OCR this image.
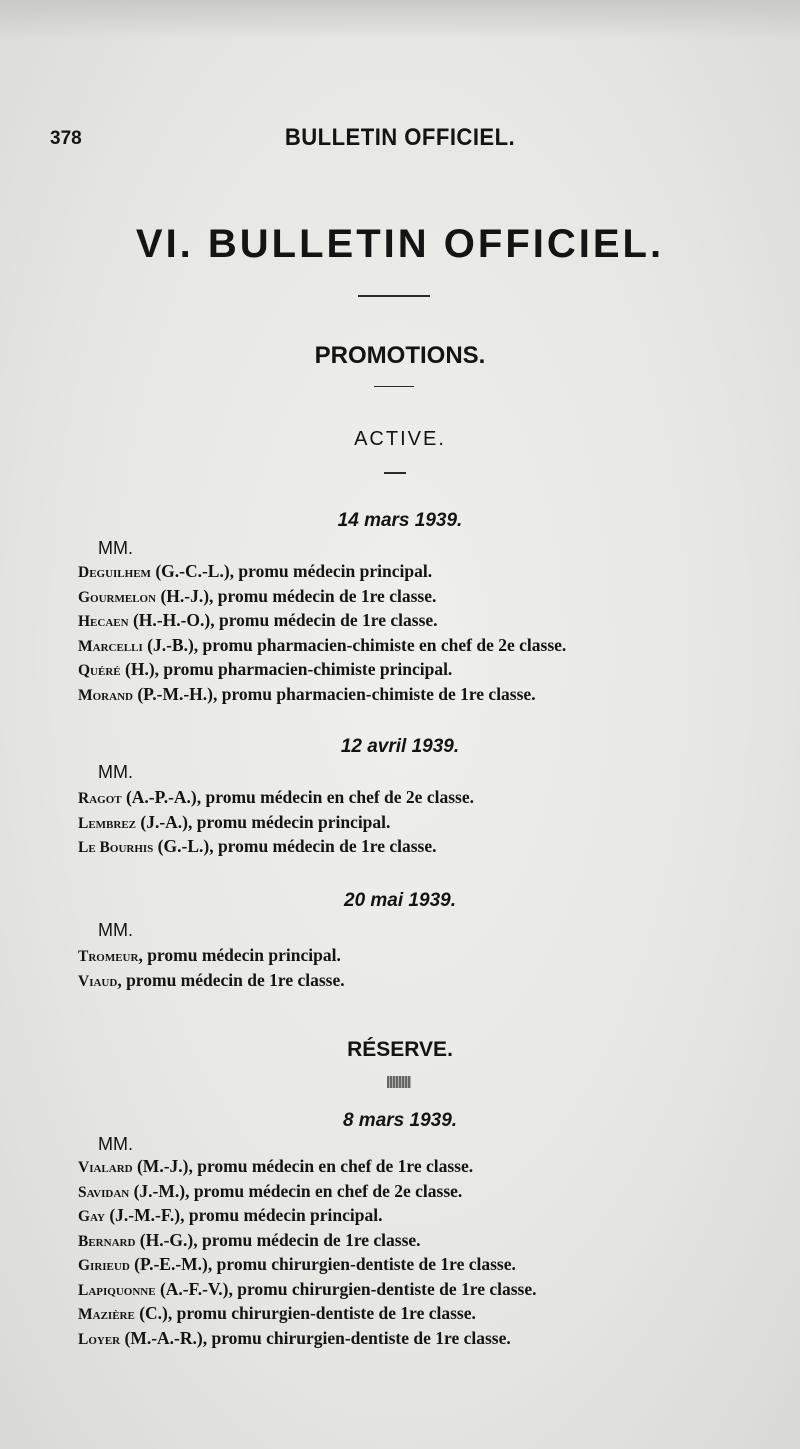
378	BULLETIN OFFICIEL.
VI. BULLETIN OFFICIEL.
PROMOTIONS.
ACTIVE.
14 mars 1939.
MM.
Deguilhem (G.-C.-L.), promu médecin principal.
Gourmelon (H.-J.), promu médecin de 1re classe.
Hecaen (H.-H.-O.), promu médecin de 1re classe.
Marcelli (J.-B.), promu pharmacien-chimiste en chef de 2e classe.
Quéré (H.), promu pharmacien-chimiste principal.
Morand (P.-M.-H.), promu pharmacien-chimiste de 1re classe.
12 avril 1939.
MM.
Ragot (A.-P.-A.), promu médecin en chef de 2e classe.
Lembrez (J.-A.), promu médecin principal.
Le Bourhis (G.-L.), promu médecin de 1re classe.
20 mai 1939.
MM.
Tromeur, promu médecin principal.
Viaud, promu médecin de 1re classe.
RÉSERVE.
8 mars 1939.
MM.
Vialard (M.-J.), promu médecin en chef de 1re classe.
Savidan (J.-M.), promu médecin en chef de 2e classe.
Gay (J.-M.-F.), promu médecin principal.
Bernard (H.-G.), promu médecin de 1re classe.
Girieud (P.-E.-M.), promu chirurgien-dentiste de 1re classe.
Lapiquonne (A.-F.-V.), promu chirurgien-dentiste de 1re classe.
Mazière (C.), promu chirurgien-dentiste de 1re classe.
Loyer (M.-A.-R.), promu chirurgien-dentiste de 1re classe.
